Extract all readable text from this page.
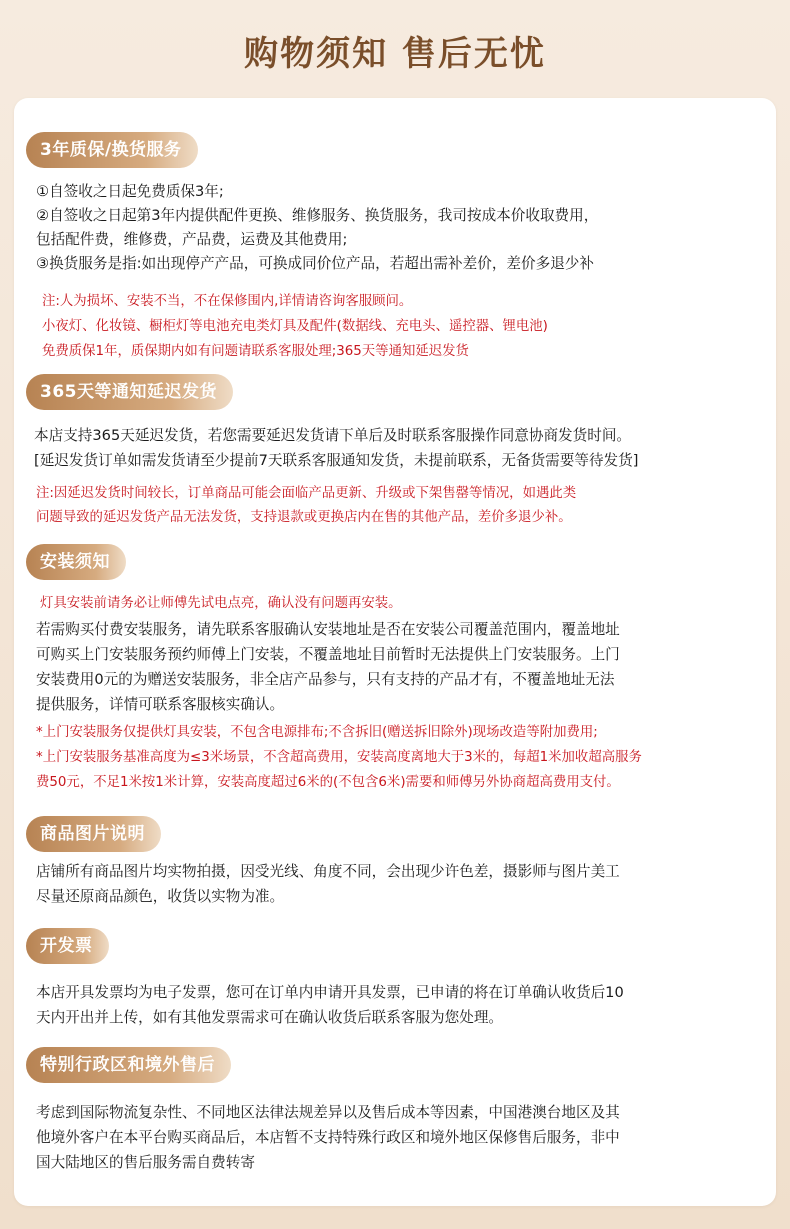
购物须知 售后无忧
3年质保/换货服务
①自签收之日起免费质保3年;
②自签收之日起第3年内提供配件更换、维修服务、换货服务，我司按成本价收取费用，
包括配件费，维修费，产品费，运费及其他费用;
③换货服务是指:如出现停产产品，可换成同价位产品，若超出需补差价，差价多退少补
注:人为损坏、安装不当，不在保修围内,详情请咨询客服顾问。
小夜灯、化妆镜、橱柜灯等电池充电类灯具及配件(数据线、充电头、遥控器、锂电池)
免费质保1年，质保期内如有问题请联系客服处理;365天等通知延迟发货
365天等通知延迟发货
本店支持365天延迟发货，若您需要延迟发货请下单后及时联系客服操作同意协商发货时间。
[延迟发货订单如需发货请至少提前7天联系客服通知发货，未提前联系，无备货需要等待发货]
注:因延迟发货时间较长，订单商品可能会面临产品更新、升级或下架售罄等情况，如遇此类
问题导致的延迟发货产品无法发货，支持退款或更换店内在售的其他产品，差价多退少补。
安装须知
灯具安装前请务必让师傅先试电点亮，确认没有问题再安装。
若需购买付费安装服务，请先联系客服确认安装地址是否在安装公司覆盖范围内，覆盖地址
可购买上门安装服务预约师傅上门安装，不覆盖地址目前暂时无法提供上门安装服务。上门
安装费用0元的为赠送安装服务，非全店产品参与，只有支持的产品才有，不覆盖地址无法
提供服务，详情可联系客服核实确认。
*上门安装服务仅提供灯具安装，不包含电源排布;不含拆旧(赠送拆旧除外)现场改造等附加费用;
*上门安装服务基准高度为≤3米场景，不含超高费用，安装高度离地大于3米的，每超1米加收超高服务
费50元，不足1米按1米计算，安装高度超过6米的(不包含6米)需要和师傅另外协商超高费用支付。
商品图片说明
店铺所有商品图片均实物拍摄，因受光线、角度不同，会出现少许色差，摄影师与图片美工
尽量还原商品颜色，收货以实物为准。
开发票
本店开具发票均为电子发票，您可在订单内申请开具发票，已申请的将在订单确认收货后10
天内开出并上传，如有其他发票需求可在确认收货后联系客服为您处理。
特别行政区和境外售后
考虑到国际物流复杂性、不同地区法律法规差异以及售后成本等因素，中国港澳台地区及其
他境外客户在本平台购买商品后，本店暂不支持特殊行政区和境外地区保修售后服务，非中
国大陆地区的售后服务需自费转寄
